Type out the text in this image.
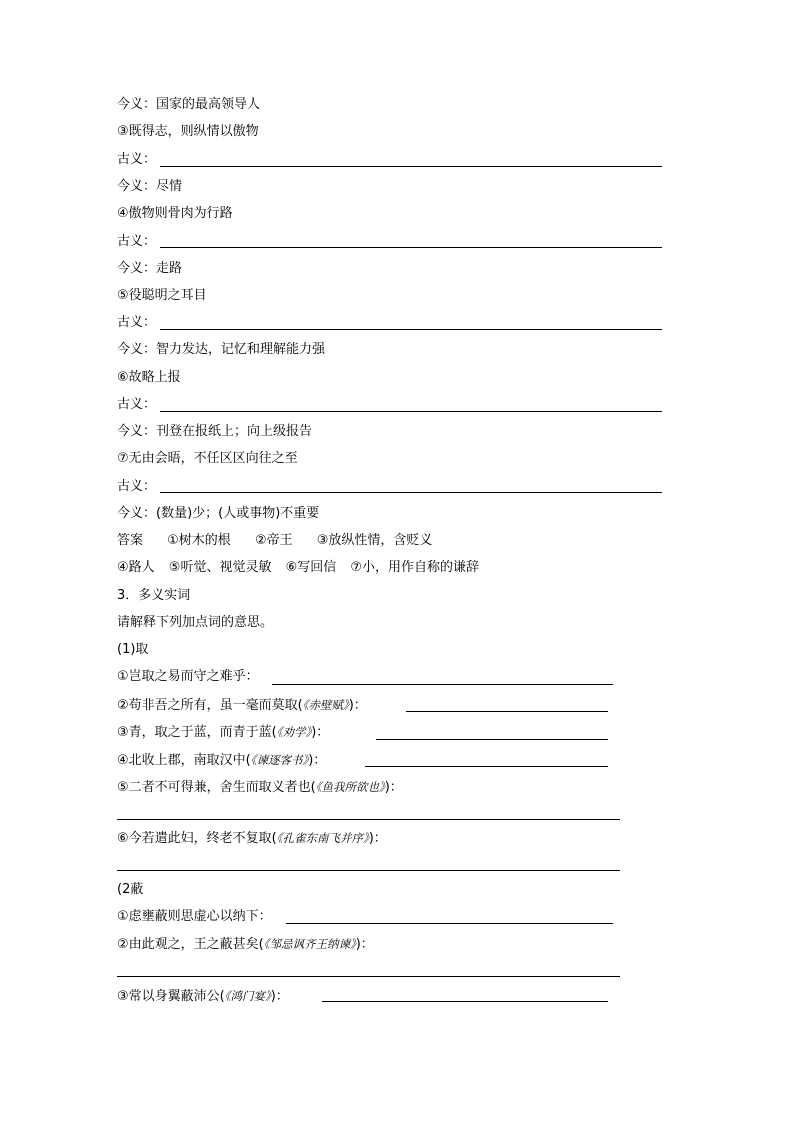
今义：国家的最高领导人
③既得志，则纵情以傲物
古义：
今义：尽情
④傲物则骨肉为行路
古义：
今义：走路
⑤役聪明之耳目
古义：
今义：智力发达，记忆和理解能力强
⑥故略上报
古义：
今义：刊登在报纸上；向上级报告
⑦无由会晤，不任区区向往之至
古义：
今义：(数量)少；(人或事物)不重要
答案 ①树木的根 ②帝王 ③放纵性情，含贬义
④路人 ⑤听觉、视觉灵敏 ⑥写回信 ⑦小，用作自称的谦辞
3．多义实词
请解释下列加点词的意思。
(1)取
①岂取之易而守之难乎：
②苟非吾之所有，虽一毫而莫取(《赤壁赋》)：
③青，取之于蓝，而青于蓝(《劝学》)：
④北收上郡，南取汉中(《谏逐客书》)：
⑤二者不可得兼，舍生而取义者也(《鱼我所欲也》)：
⑥今若遣此妇，终老不复取(《孔雀东南飞并序》)：
(2蔽
①虑壅蔽则思虚心以纳下：
②由此观之，王之蔽甚矣(《邹忌讽齐王纳谏》)：
③常以身翼蔽沛公(《鸿门宴》)：
